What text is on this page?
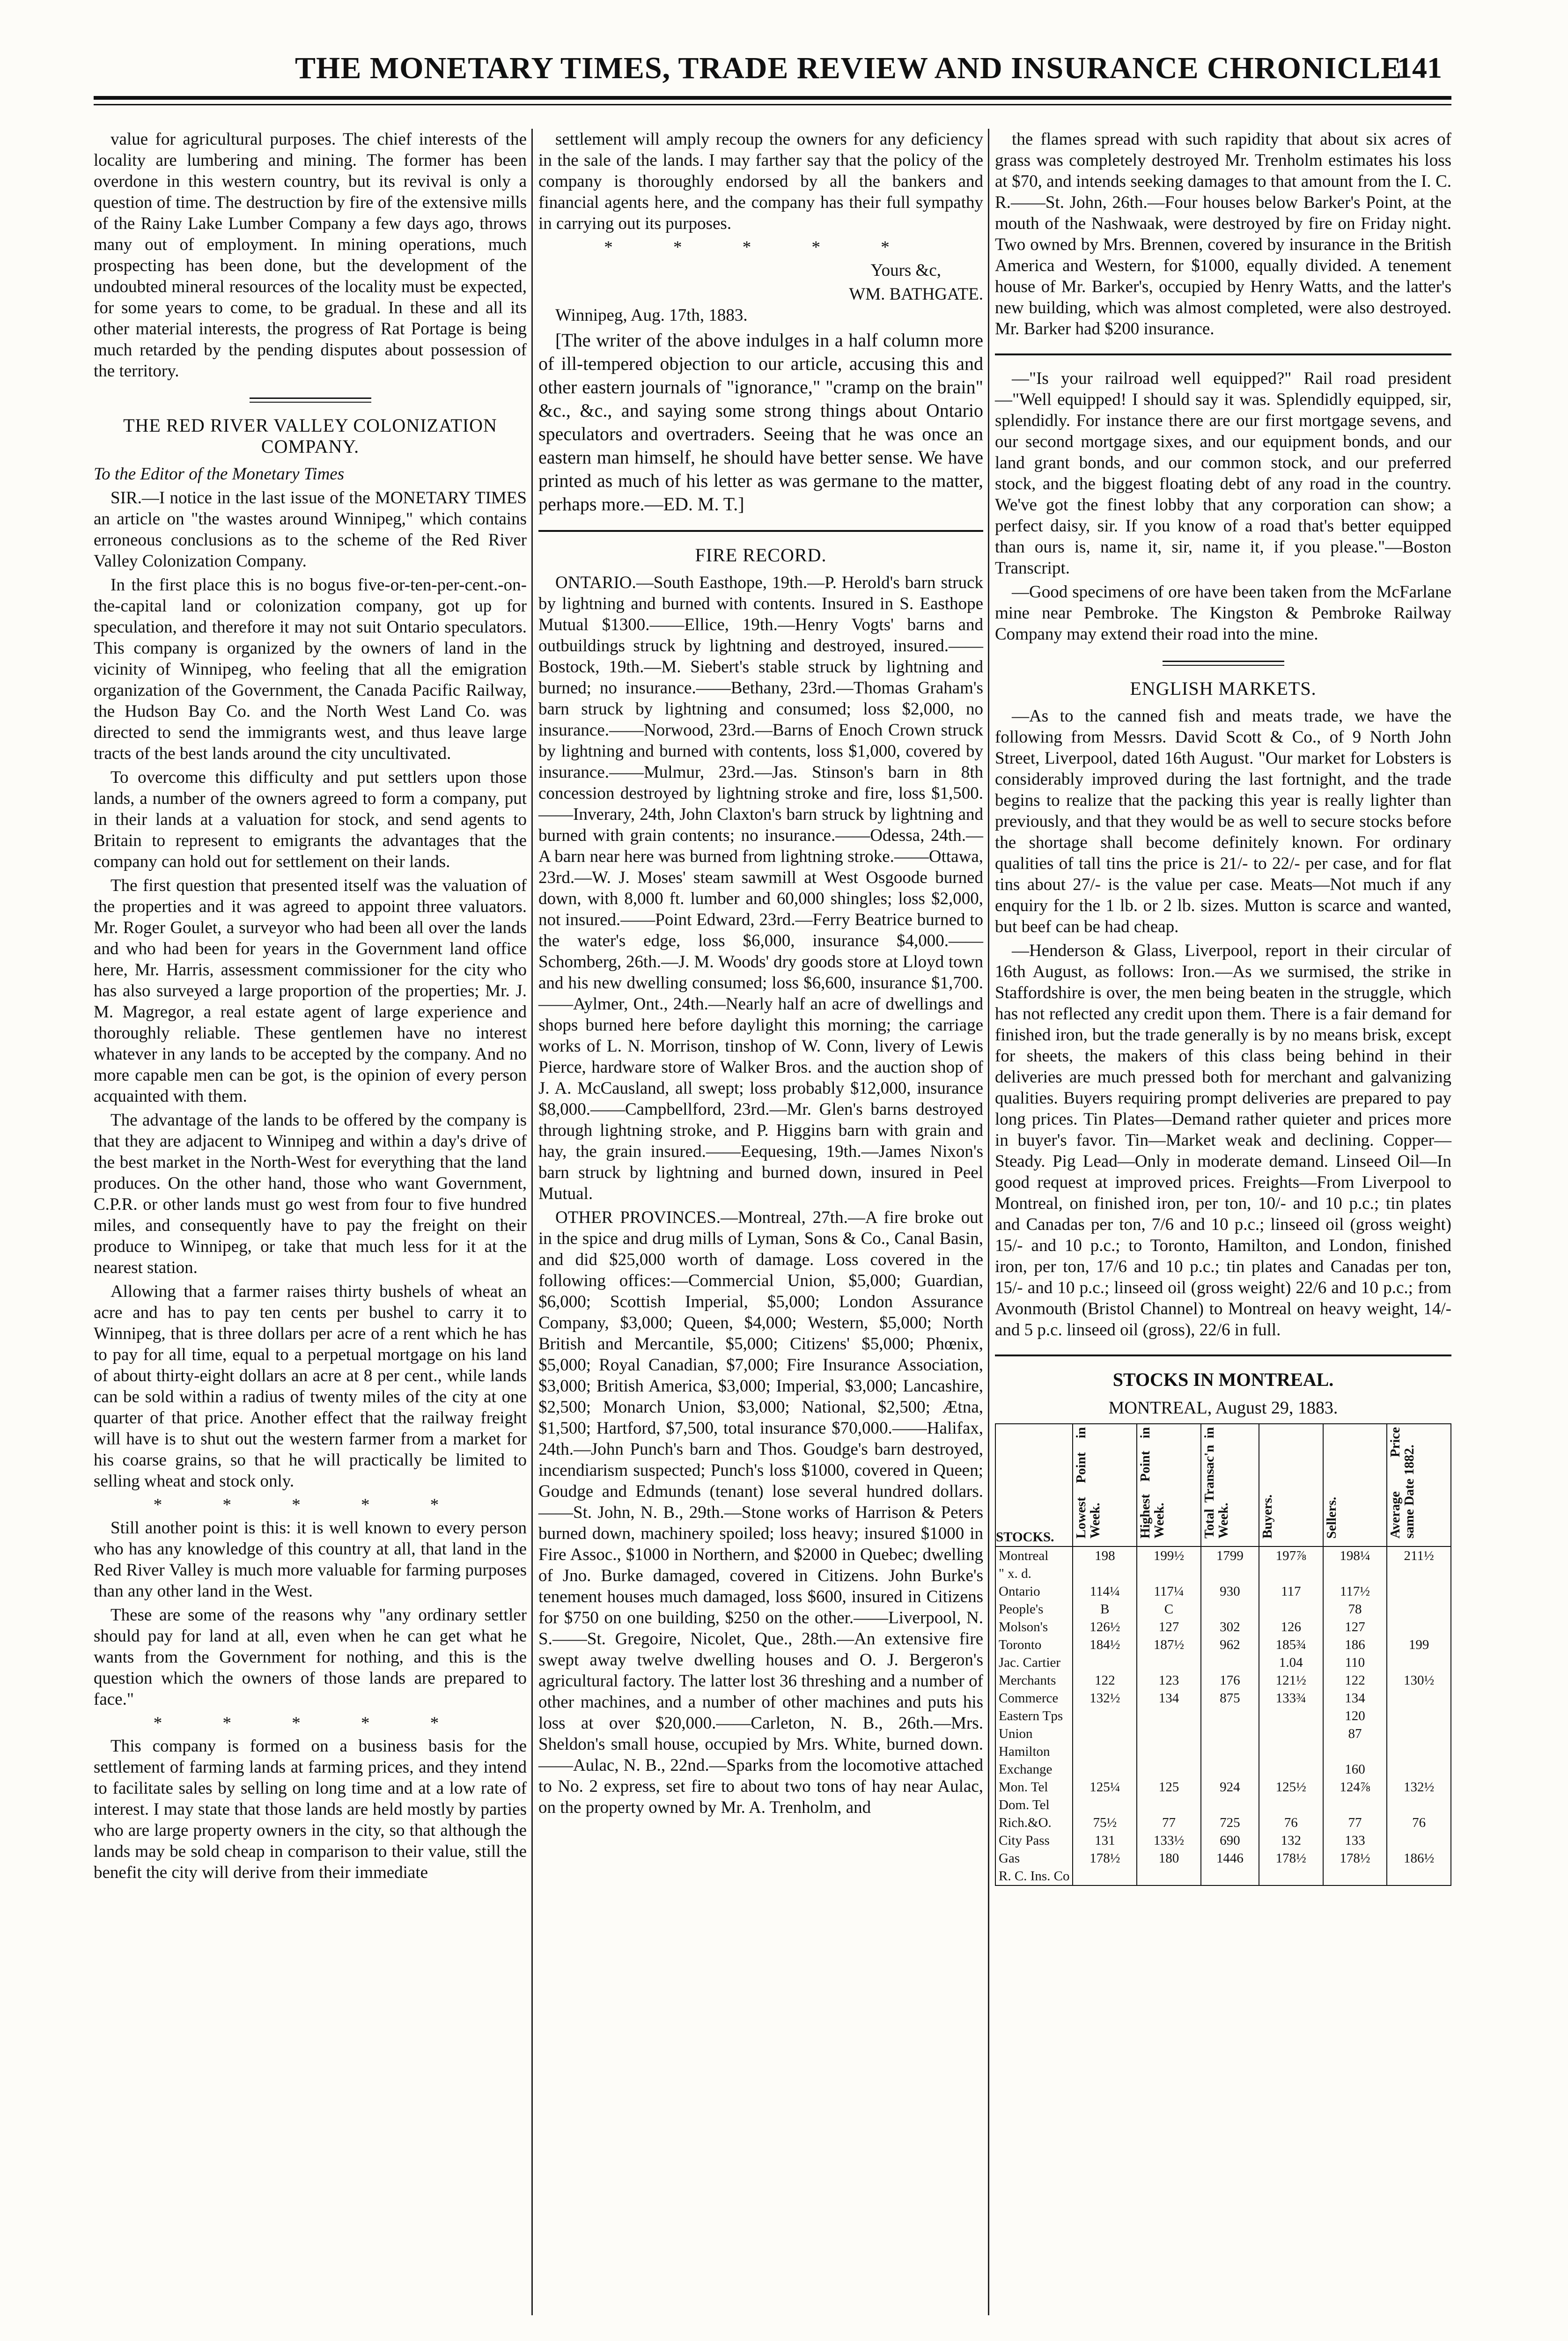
THE MONETARY TIMES, TRADE REVIEW AND INSURANCE CHRONICLE
141

value for agricultural purposes. The chief interests of the locality are lumbering and mining. The former has been overdone in this western country, but its revival is only a question of time. The destruction by fire of the extensive mills of the Rainy Lake Lumber Company a few days ago, throws many out of employment. In mining operations, much prospecting has been done, but the development of the undoubted mineral resources of the locality must be expected, for some years to come, to be gradual. In these and all its other material interests, the progress of Rat Portage is being much retarded by the pending disputes about possession of the territory.

THE RED RIVER VALLEY COLONIZATION COMPANY.

To the Editor of the Monetary Times

SIR.—I notice in the last issue of the MONETARY TIMES an article on "the wastes around Winnipeg," which contains erroneous conclusions as to the scheme of the Red River Valley Colonization Company.

In the first place this is no bogus five-or-ten-per-cent.-on-the-capital land or colonization company, got up for speculation, and therefore it may not suit Ontario speculators. This company is organized by the owners of land in the vicinity of Winnipeg, who feeling that all the emigration organization of the Government, the Canada Pacific Railway, the Hudson Bay Co. and the North West Land Co. was directed to send the immigrants west, and thus leave large tracts of the best lands around the city uncultivated.

To overcome this difficulty and put settlers upon those lands, a number of the owners agreed to form a company, put in their lands at a valuation for stock, and send agents to Britain to represent to emigrants the advantages that the company can hold out for settlement on their lands.

The first question that presented itself was the valuation of the properties and it was agreed to appoint three valuators. Mr. Roger Goulet, a surveyor who had been all over the lands and who had been for years in the Government land office here, Mr. Harris, assessment commissioner for the city who has also surveyed a large proportion of the properties; Mr. J. M. Magregor, a real estate agent of large experience and thoroughly reliable. These gentlemen have no interest whatever in any lands to be accepted by the company. And no more capable men can be got, is the opinion of every person acquainted with them.

The advantage of the lands to be offered by the company is that they are adjacent to Winnipeg and within a day's drive of the best market in the North-West for everything that the land produces. On the other hand, those who want Government, C.P.R. or other lands must go west from four to five hundred miles, and consequently have to pay the freight on their produce to Winnipeg, or take that much less for it at the nearest station.

Allowing that a farmer raises thirty bushels of wheat an acre and has to pay ten cents per bushel to carry it to Winnipeg, that is three dollars per acre of a rent which he has to pay for all time, equal to a perpetual mortgage on his land of about thirty-eight dollars an acre at 8 per cent., while lands can be sold within a radius of twenty miles of the city at one quarter of that price. Another effect that the railway freight will have is to shut out the western farmer from a market for his coarse grains, so that he will practically be limited to selling wheat and stock only.

* * * * *

Still another point is this: it is well known to every person who has any knowledge of this country at all, that land in the Red River Valley is much more valuable for farming purposes than any other land in the West.

These are some of the reasons why "any ordinary settler should pay for land at all, even when he can get what he wants from the Government for nothing, and this is the question which the owners of those lands are prepared to face."

* * * * *

This company is formed on a business basis for the settlement of farming lands at farming prices, and they intend to facilitate sales by selling on long time and at a low rate of interest. I may state that those lands are held mostly by parties who are large property owners in the city, so that although the lands may be sold cheap in comparison to their value, still the benefit the city will derive from their immediate

settlement will amply recoup the owners for any deficiency in the sale of the lands. I may farther say that the policy of the company is thoroughly endorsed by all the bankers and financial agents here, and the company has their full sympathy in carrying out its purposes.

* * * * *

Yours &c,

WM. BATHGATE.

Winnipeg, Aug. 17th, 1883.

[The writer of the above indulges in a half column more of ill-tempered objection to our article, accusing this and other eastern journals of "ignorance," "cramp on the brain" &c., &c., and saying some strong things about Ontario speculators and overtraders. Seeing that he was once an eastern man himself, he should have better sense. We have printed as much of his letter as was germane to the matter, perhaps more.—ED. M. T.]

FIRE RECORD.

ONTARIO.—South Easthope, 19th.—P. Herold's barn struck by lightning and burned with contents. Insured in S. Easthope Mutual $1300.——Ellice, 19th.—Henry Vogts' barns and outbuildings struck by lightning and destroyed, insured.——Bostock, 19th.—M. Siebert's stable struck by lightning and burned; no insurance.——Bethany, 23rd.—Thomas Graham's barn struck by lightning and consumed; loss $2,000, no insurance.——Norwood, 23rd.—Barns of Enoch Crown struck by lightning and burned with contents, loss $1,000, covered by insurance.——Mulmur, 23rd.—Jas. Stinson's barn in 8th concession destroyed by lightning stroke and fire, loss $1,500.——Inverary, 24th, John Claxton's barn struck by lightning and burned with grain contents; no insurance.——Odessa, 24th.—A barn near here was burned from lightning stroke.——Ottawa, 23rd.—W. J. Moses' steam sawmill at West Osgoode burned down, with 8,000 ft. lumber and 60,000 shingles; loss $2,000, not insured.——Point Edward, 23rd.—Ferry Beatrice burned to the water's edge, loss $6,000, insurance $4,000.——Schomberg, 26th.—J. M. Woods' dry goods store at Lloyd town and his new dwelling consumed; loss $6,600, insurance $1,700.——Aylmer, Ont., 24th.—Nearly half an acre of dwellings and shops burned here before daylight this morning; the carriage works of L. N. Morrison, tinshop of W. Conn, livery of Lewis Pierce, hardware store of Walker Bros. and the auction shop of J. A. McCausland, all swept; loss probably $12,000, insurance $8,000.——Campbellford, 23rd.—Mr. Glen's barns destroyed through lightning stroke, and P. Higgins barn with grain and hay, the grain insured.——Eequesing, 19th.—James Nixon's barn struck by lightning and burned down, insured in Peel Mutual.

OTHER PROVINCES.—Montreal, 27th.—A fire broke out in the spice and drug mills of Lyman, Sons & Co., Canal Basin, and did $25,000 worth of damage. Loss covered in the following offices:—Commercial Union, $5,000; Guardian, $6,000; Scottish Imperial, $5,000; London Assurance Company, $3,000; Queen, $4,000; Western, $5,000; North British and Mercantile, $5,000; Citizens' $5,000; Phœnix, $5,000; Royal Canadian, $7,000; Fire Insurance Association, $3,000; British America, $3,000; Imperial, $3,000; Lancashire, $2,500; Monarch Union, $3,000; National, $2,500; Ætna, $1,500; Hartford, $7,500, total insurance $70,000.——Halifax, 24th.—John Punch's barn and Thos. Goudge's barn destroyed, incendiarism suspected; Punch's loss $1000, covered in Queen; Goudge and Edmunds (tenant) lose several hundred dollars.——St. John, N. B., 29th.—Stone works of Harrison & Peters burned down, machinery spoiled; loss heavy; insured $1000 in Fire Assoc., $1000 in Northern, and $2000 in Quebec; dwelling of Jno. Burke damaged, covered in Citizens. John Burke's tenement houses much damaged, loss $600, insured in Citizens for $750 on one building, $250 on the other.——Liverpool, N. S.——St. Gregoire, Nicolet, Que., 28th.—An extensive fire swept away twelve dwelling houses and O. J. Bergeron's agricultural factory. The latter lost 36 threshing and a number of other machines, and a number of other machines and puts his loss at over $20,000.——Carleton, N. B., 26th.—Mrs. Sheldon's small house, occupied by Mrs. White, burned down.——Aulac, N. B., 22nd.—Sparks from the locomotive attached to No. 2 express, set fire to about two tons of hay near Aulac, on the property owned by Mr. A. Trenholm, and

the flames spread with such rapidity that about six acres of grass was completely destroyed Mr. Trenholm estimates his loss at $70, and intends seeking damages to that amount from the I. C. R.——St. John, 26th.—Four houses below Barker's Point, at the mouth of the Nashwaak, were destroyed by fire on Friday night. Two owned by Mrs. Brennen, covered by insurance in the British America and Western, for $1000, equally divided. A tenement house of Mr. Barker's, occupied by Henry Watts, and the latter's new building, which was almost completed, were also destroyed. Mr. Barker had $200 insurance.

—"Is your railroad well equipped?" Rail road president—"Well equipped! I should say it was. Splendidly equipped, sir, splendidly. For instance there are our first mortgage sevens, and our second mortgage sixes, and our equipment bonds, and our land grant bonds, and our common stock, and our preferred stock, and the biggest floating debt of any road in the country. We've got the finest lobby that any corporation can show; a perfect daisy, sir. If you know of a road that's better equipped than ours is, name it, sir, name it, if you please."—Boston Transcript.

—Good specimens of ore have been taken from the McFarlane mine near Pembroke. The Kingston & Pembroke Railway Company may extend their road into the mine.

ENGLISH MARKETS.

—As to the canned fish and meats trade, we have the following from Messrs. David Scott & Co., of 9 North John Street, Liverpool, dated 16th August. "Our market for Lobsters is considerably improved during the last fortnight, and the trade begins to realize that the packing this year is really lighter than previously, and that they would be as well to secure stocks before the shortage shall become definitely known. For ordinary qualities of tall tins the price is 21/- to 22/- per case, and for flat tins about 27/- is the value per case. Meats—Not much if any enquiry for the 1 lb. or 2 lb. sizes. Mutton is scarce and wanted, but beef can be had cheap.

—Henderson & Glass, Liverpool, report in their circular of 16th August, as follows: Iron.—As we surmised, the strike in Staffordshire is over, the men being beaten in the struggle, which has not reflected any credit upon them. There is a fair demand for finished iron, but the trade generally is by no means brisk, except for sheets, the makers of this class being behind in their deliveries are much pressed both for merchant and galvanizing qualities. Buyers requiring prompt deliveries are prepared to pay long prices. Tin Plates—Demand rather quieter and prices more in buyer's favor. Tin—Market weak and declining. Copper—Steady. Pig Lead—Only in moderate demand. Linseed Oil—In good request at improved prices. Freights—From Liverpool to Montreal, on finished iron, per ton, 10/- and 10 p.c.; tin plates and Canadas per ton, 7/6 and 10 p.c.; linseed oil (gross weight) 15/- and 10 p.c.; to Toronto, Hamilton, and London, finished iron, per ton, 17/6 and 10 p.c.; tin plates and Canadas per ton, 15/- and 10 p.c.; linseed oil (gross weight) 22/6 and 10 p.c.; from Avonmouth (Bristol Channel) to Montreal on heavy weight, 14/- and 5 p.c. linseed oil (gross), 22/6 in full.

STOCKS IN MONTREAL.

MONTREAL, August 29, 1883.

STOCKS.	Lowest Point in Week.	Highest Point in Week.	Total Transac'n in Week.	Buyers.	Sellers.	Average Price same Date 1882.
Montreal	198	199½	1799	197⅞	198¼	211½
" x. d.						
Ontario	114¼	117¼	930	117	117½	
People's	B	C			78	
Molson's	126½	127	302	126	127	
Toronto	184½	187½	962	185¾	186	199
Jac. Cartier				1.04	110	
Merchants	122	123	176	121½	122	130½
Commerce	132½	134	875	133¾	134	
Eastern Tps					120	
Union					87	
Hamilton						
Exchange					160	
Mon. Tel	125¼	125	924	125½	124⅞	132½
Dom. Tel						
Rich.&O.	75½	77	725	76	77	76
City Pass	131	133½	690	132	133	
Gas	178½	180	1446	178½	178½	186½
R. C. Ins. Co						
